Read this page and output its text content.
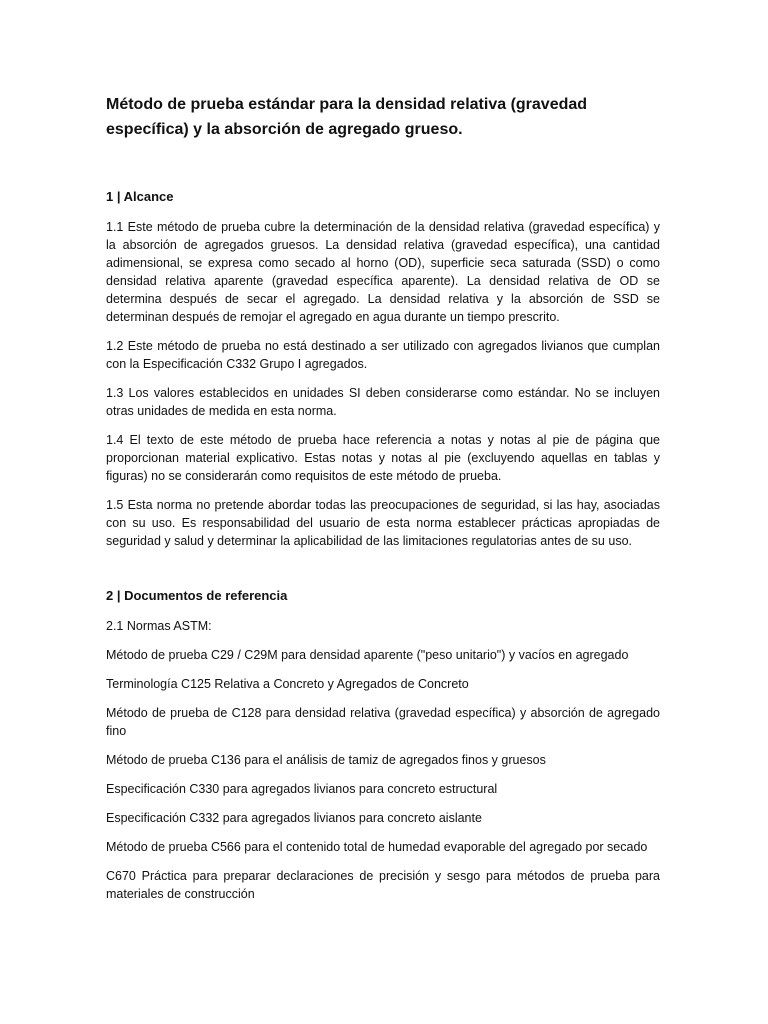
Método de prueba estándar para la densidad relativa (gravedad específica) y la absorción de agregado grueso.
1 | Alcance

1.1 Este método de prueba cubre la determinación de la densidad relativa (gravedad específica) y la absorción de agregados gruesos. La densidad relativa (gravedad específica), una cantidad adimensional, se expresa como secado al horno (OD), superficie seca saturada (SSD) o como densidad relativa aparente (gravedad específica aparente). La densidad relativa de OD se determina después de secar el agregado. La densidad relativa y la absorción de SSD se determinan después de remojar el agregado en agua durante un tiempo prescrito.

1.2 Este método de prueba no está destinado a ser utilizado con agregados livianos que cumplan con la Especificación C332 Grupo I agregados.

1.3 Los valores establecidos en unidades SI deben considerarse como estándar. No se incluyen otras unidades de medida en esta norma.

1.4 El texto de este método de prueba hace referencia a notas y notas al pie de página que proporcionan material explicativo. Estas notas y notas al pie (excluyendo aquellas en tablas y figuras) no se considerarán como requisitos de este método de prueba.

1.5 Esta norma no pretende abordar todas las preocupaciones de seguridad, si las hay, asociadas con su uso. Es responsabilidad del usuario de esta norma establecer prácticas apropiadas de seguridad y salud y determinar la aplicabilidad de las limitaciones regulatorias antes de su uso.

2 | Documentos de referencia

2.1 Normas ASTM:

Método de prueba C29 / C29M para densidad aparente ("peso unitario") y vacíos en agregado
Terminología C125 Relativa a Concreto y Agregados de Concreto
Método de prueba de C128 para densidad relativa (gravedad específica) y absorción de agregado fino
Método de prueba C136 para el análisis de tamiz de agregados finos y gruesos
Especificación C330 para agregados livianos para concreto estructural
Especificación C332 para agregados livianos para concreto aislante
Método de prueba C566 para el contenido total de humedad evaporable del agregado por secado
C670 Práctica para preparar declaraciones de precisión y sesgo para métodos de prueba para materiales de construcción
